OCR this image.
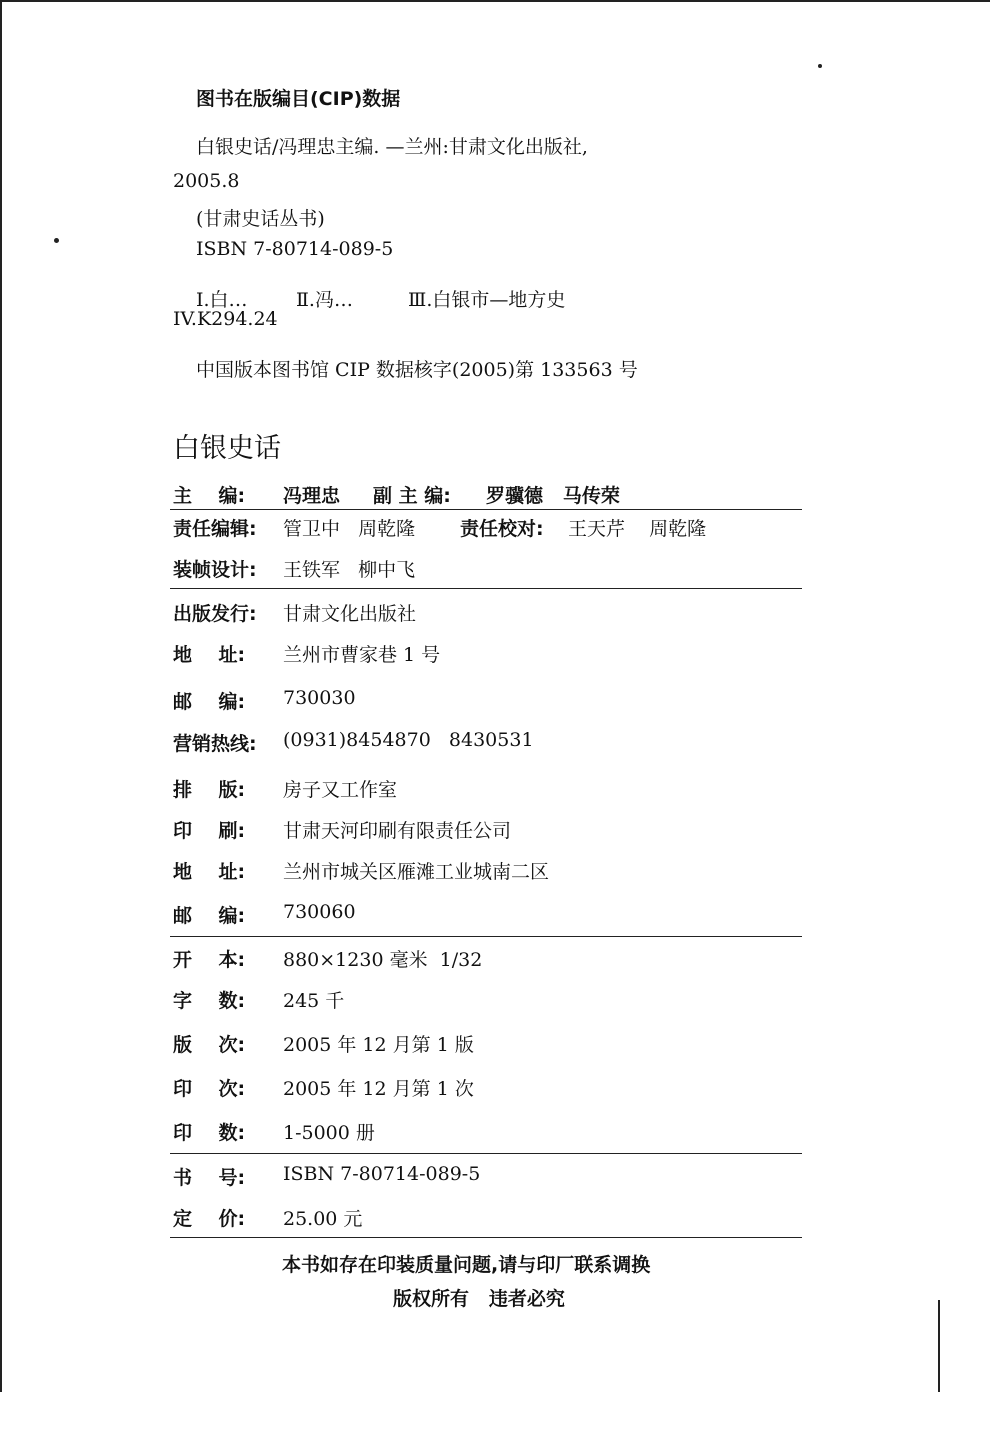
图书在版编目(CIP)数据
白银史话/冯理忠主编. —兰州:甘肃文化出版社,
2005.8
(甘肃史话丛书)
ISBN 7-80714-089-5
I.白…	Ⅱ.冯…	Ⅲ.白银市—地方史
IV.K294.24
中国版本图书馆 CIP 数据核字(2005)第 133563 号
白银史话
主    编: 冯理忠 副 主 编: 罗骥德   马传荣
责任编辑: 管卫中   周乾隆 责任校对: 王天芹    周乾隆
装帧设计: 王铁军   柳中飞
出版发行: 甘肃文化出版社
地    址: 兰州市曹家巷 1 号
邮    编: 730030
营销热线: (0931)8454870   8430531
排    版: 房子又工作室
印    刷: 甘肃天河印刷有限责任公司
地    址: 兰州市城关区雁滩工业城南二区
邮    编: 730060
开    本: 880×1230 毫米  1/32
字    数: 245 千
版    次: 2005 年 12 月第 1 版
印    次: 2005 年 12 月第 1 次
印    数: 1-5000 册
书    号: ISBN 7-80714-089-5
定    价: 25.00 元
本书如存在印装质量问题,请与印厂联系调换
版权所有   违者必究
